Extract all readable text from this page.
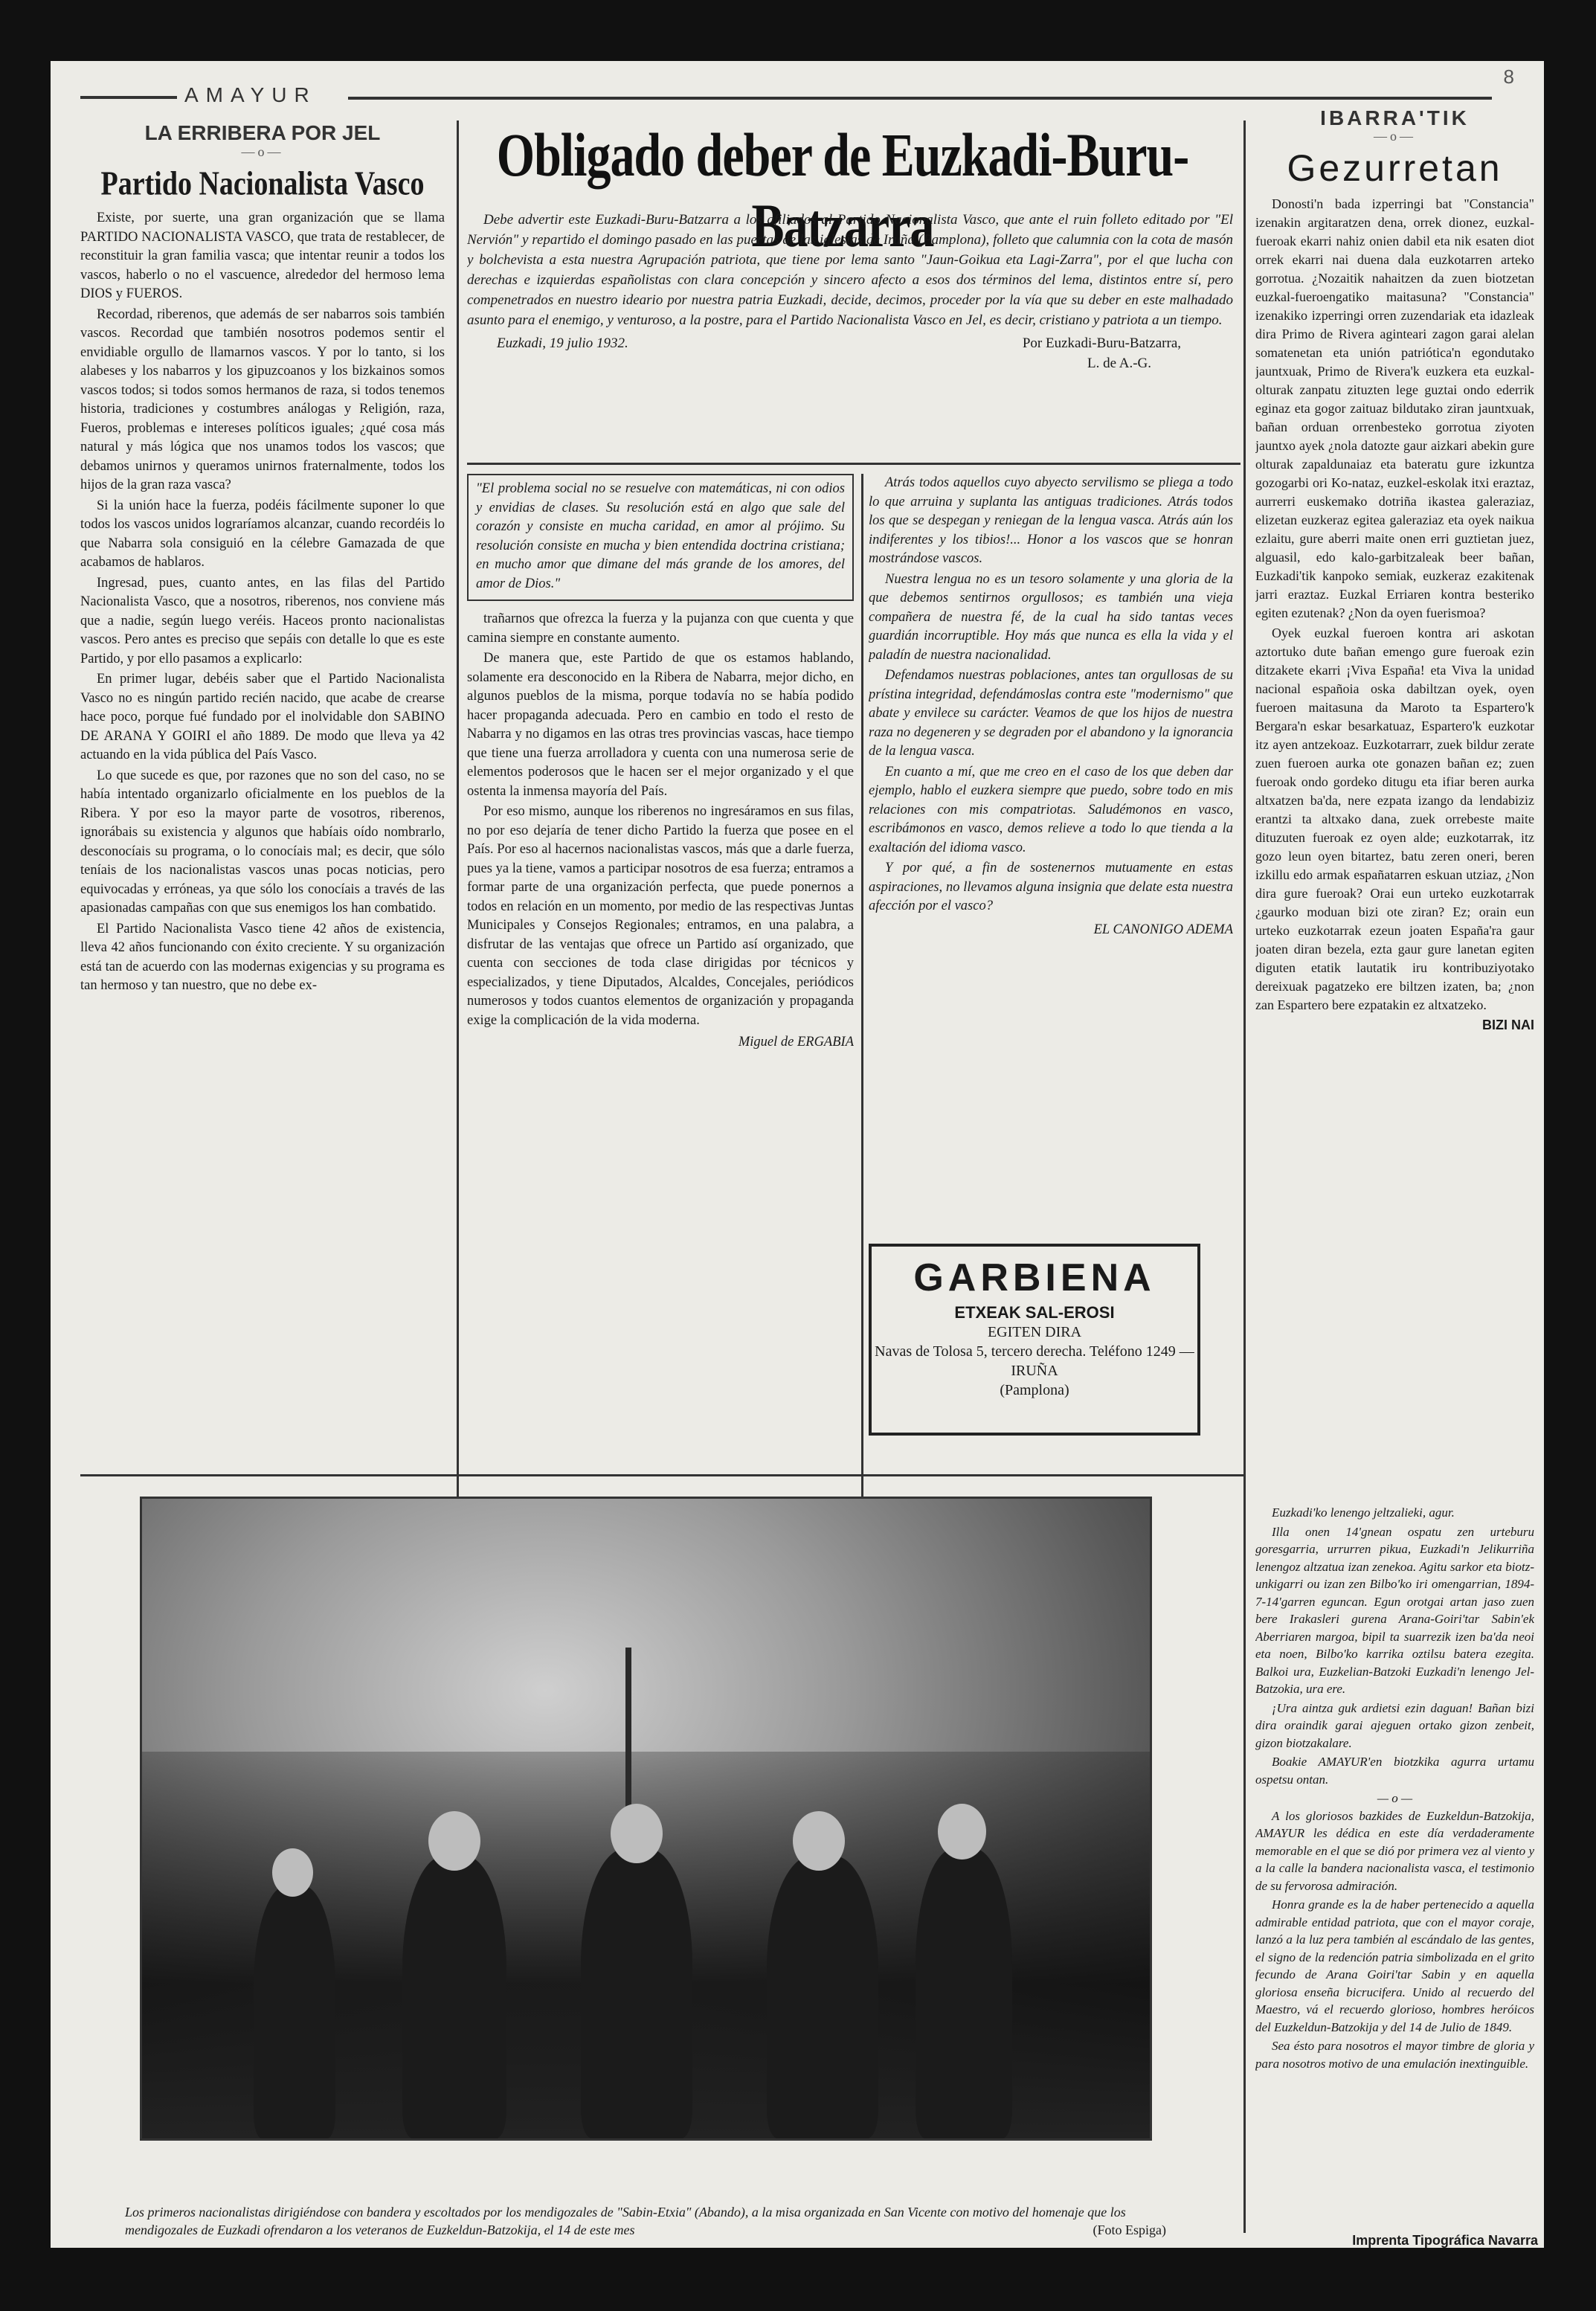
AMAYUR
8
LA ERRIBERA POR JEL
—o—
Partido Nacionalista Vasco

Existe, por suerte, una gran organización que se llama PARTIDO NACIONALISTA VASCO, que trata de restablecer, de reconstituir la gran familia vasca; que intentar reunir a todos los vascos, haberlo o no el vascuence, alrededor del hermoso lema DIOS y FUEROS.

Recordad, riberenos, que además de ser nabarros sois también vascos. Recordad que también nosotros podemos sentir el envidiable orgullo de llamarnos vascos. Y por lo tanto, si los alabeses y los nabarros y los gipuzcoanos y los bizkainos somos vascos todos; si todos somos hermanos de raza, si todos tenemos historia, tradiciones y costumbres análogas y Religión, raza, Fueros, problemas e intereses políticos iguales; ¿qué cosa más natural y más lógica que nos unamos todos los vascos; que debamos unirnos y queramos unirnos fraternalmente, todos los hijos de la gran raza vasca?

Si la unión hace la fuerza, podéis fácilmente suponer lo que todos los vascos unidos lograríamos alcanzar, cuando recordéis lo que Nabarra sola consiguió en la célebre Gamazada de que acabamos de hablaros.

Ingresad, pues, cuanto antes, en las filas del Partido Nacionalista Vasco, que a nosotros, riberenos, nos conviene más que a nadie, según luego veréis. Haceos pronto nacionalistas vascos. Pero antes es preciso que sepáis con detalle lo que es este Partido, y por ello pasamos a explicarlo:

En primer lugar, debéis saber que el Partido Nacionalista Vasco no es ningún partido recién nacido, que acabe de crearse hace poco, porque fué fundado por el inolvidable don SABINO DE ARANA Y GOIRI el año 1889. De modo que lleva ya 42 actuando en la vida pública del País Vasco.

Lo que sucede es que, por razones que no son del caso, no se había intentado organizarlo oficialmente en los pueblos de la Ribera. Y por eso la mayor parte de vosotros, riberenos, ignorábais su existencia y algunos que habíais oído nombrarlo, desconocíais su programa, o lo conocíais mal; es decir, que sólo teníais de los nacionalistas vascos unas pocas noticias, pero equivocadas y erróneas, ya que sólo los conocíais a través de las apasionadas campañas con que sus enemigos los han combatido.

El Partido Nacionalista Vasco tiene 42 años de existencia, lleva 42 años funcionando con éxito creciente. Y su organización está tan de acuerdo con las modernas exigencias y su programa es tan hermoso y tan nuestro, que no debe ex-

Obligado deber de Euzkadi-Buru-Batzarra

Debe advertir este Euzkadi-Buru-Batzarra a los afiliados al Partido Nacionalista Vasco, que ante el ruin folleto editado por "El Nervión" y repartido el domingo pasado en las puertas de las iglesias de Iruña (Pamplona), folleto que calumnia con la cota de masón y bolchevista a esta nuestra Agrupación patriota, que tiene por lema santo "Jaun-Goikua eta Lagi-Zarra", por el que lucha con derechas e izquierdas españolistas con clara concepción y sincero afecto a esos dos términos del lema, distintos entre sí, pero compenetrados en nuestro ideario por nuestra patria Euzkadi, decide, decimos, proceder por la vía que su deber en este malhadado asunto para el enemigo, y venturoso, a la postre, para el Partido Nacionalista Vasco en Jel, es decir, cristiano y patriota a un tiempo.

Euzkadi, 19 julio 1932.	Por Euzkadi-Buru-Batzarra,
L. de A.-G.

"El problema social no se resuelve con matemáticas, ni con odios y envidias de clases. Su resolución está en algo que sale del corazón y consiste en mucha caridad, en amor al prójimo. Su resolución consiste en mucha y bien entendida doctrina cristiana; en mucho amor que dimane del más grande de los amores, del amor de Dios."

trañarnos que ofrezca la fuerza y la pujanza con que cuenta y que camina siempre en constante aumento.

De manera que, este Partido de que os estamos hablando, solamente era desconocido en la Ribera de Nabarra, mejor dicho, en algunos pueblos de la misma, porque todavía no se había podido hacer propaganda adecuada. Pero en cambio en todo el resto de Nabarra y no digamos en las otras tres provincias vascas, hace tiempo que tiene una fuerza arrolladora y cuenta con una numerosa serie de elementos poderosos que le hacen ser el mejor organizado y el que ostenta la inmensa mayoría del País.

Por eso mismo, aunque los riberenos no ingresáramos en sus filas, no por eso dejaría de tener dicho Partido la fuerza que posee en el País. Por eso al hacernos nacionalistas vascos, más que a darle fuerza, pues ya la tiene, vamos a participar nosotros de esa fuerza; entramos a formar parte de una organización perfecta, que puede ponernos a todos en relación en un momento, por medio de las respectivas Juntas Municipales y Consejos Regionales; entramos, en una palabra, a disfrutar de las ventajas que ofrece un Partido así organizado, que cuenta con secciones de toda clase dirigidas por técnicos y especializados, y tiene Diputados, Alcaldes, Concejales, periódicos numerosos y todos cuantos elementos de organización y propaganda exige la complicación de la vida moderna.

Miguel de ERGABIA

Atrás todos aquellos cuyo abyecto servilismo se pliega a todo lo que arruina y suplanta las antiguas tradiciones. Atrás todos los que se despegan y reniegan de la lengua vasca. Atrás aún los indiferentes y los tibios!... Honor a los vascos que se honran mostrándose vascos.

Nuestra lengua no es un tesoro solamente y una gloria de la que debemos sentirnos orgullosos; es también una vieja compañera de nuestra fé, de la cual ha sido tantas veces guardián incorruptible. Hoy más que nunca es ella la vida y el paladín de nuestra nacionalidad.

Defendamos nuestras poblaciones, antes tan orgullosas de su prístina integridad, defendámoslas contra este "modernismo" que abate y envilece su carácter. Veamos de que los hijos de nuestra raza no degeneren y se degraden por el abandono y la ignorancia de la lengua vasca.

En cuanto a mí, que me creo en el caso de los que deben dar ejemplo, hablo el euzkera siempre que puedo, sobre todo en mis relaciones con mis compatriotas. Saludémonos en vasco, escribámonos en vasco, demos relieve a todo lo que tienda a la exaltación del idioma vasco.

Y por qué, a fin de sostenernos mutuamente en estas aspiraciones, no llevamos alguna insignia que delate esta nuestra afección por el vasco?

EL CANONIGO ADEMA
GARBIENA
ETXEAK SAL-EROSI
EGITEN DIRA
Navas de Tolosa 5, tercero derecha. Teléfono 1249 — IRUÑA
(Pamplona)
IBARRA'TIK
—o—
Gezurretan

Donosti'n bada izperringi bat "Constancia" izenakin argitaratzen dena, orrek dionez, euzkal-fueroak ekarri nahiz onien dabil eta nik esaten diot orrek ekarri nai duena dala euzkotarren arteko gorrotua. ¿Nozaitik nahaitzen da zuen biotzetan euzkal-fueroengatiko maitasuna? "Constancia" izenakiko izperringi orren zuzendariak eta idazleak dira Primo de Rivera aginteari zagon garai alelan somatenetan eta unión patriótica'n egondutako jauntxuak, Primo de Rivera'k euzkera eta euzkal-olturak zanpatu zituzten lege guztai ondo ederrik eginaz eta gogor zaituaz bildutako ziran jauntxuak, bañan orduan orrenbesteko gorrotua ziyoten jauntxo ayek ¿nola datozte gaur aizkari abekin gure olturak zapaldunaiaz eta bateratu gure izkuntza gozogarbi ori Ko-nataz, euzkel-eskolak itxi eraztaz, aurrerri euskemako dotriña ikastea galeraziaz, elizetan euzkeraz egitea galeraziaz eta oyek naikua ezlaitu, gure aberri maite onen erri guztietan juez, alguasil, edo kalo-garbitzaleak beer bañan, Euzkadi'tik kanpoko semiak, euzkeraz ezakitenak jarri eraztaz. Euzkal Erriaren kontra besteriko egiten ezutenak? ¿Non da oyen fuerismoa?

Oyek euzkal fueroen kontra ari askotan aztortuko dute bañan emengo gure fueroak ezin ditzakete ekarri ¡Viva España! eta Viva la unidad nacional españoia oska dabiltzan oyek, oyen fueroen maitasuna da Maroto ta Espartero'k Bergara'n eskar besarkatuaz, Espartero'k euzkotar itz ayen antzekoaz. Euzkotarrarr, zuek bildur zerate zuen fueroen aurka ote gonazen bañan ez; zuen fueroak ondo gordeko ditugu eta ifiar beren aurka altxatzen ba'da, nere ezpata izango da lendabiziz erantzi ta altxako dana, zuek orrebeste maite dituzuten fueroak ez oyen alde; euzkotarrak, itz gozo leun oyen bitartez, batu zeren oneri, beren izkillu edo armak españatarren eskuan utziaz, ¿Non dira gure fueroak? Orai eun urteko euzkotarrak ¿gaurko moduan bizi ote ziran? Ez; orain eun urteko euzkotarrak ezeun joaten España'ra gaur joaten diran bezela, ezta gaur gure lanetan egiten diguten etatik lautatik iru kontribuziyotako dereixuak pagatzeko ere biltzen izaten, ba; ¿non zan Espartero bere ezpatakin ez altxatzeko.

BIZI NAI

Euzkadi'ko lenengo jeltzalieki, agur.

Illa onen 14'gnean ospatu zen urteburu goresgarria, urrurren pikua, Euzkadi'n Jelikurriña lenengoz altzatua izan zenekoa. Agitu sarkor eta biotz-unkigarri ou izan zen Bilbo'ko iri omengarrian, 1894-7-14'garren eguncan. Egun orotgai artan jaso zuen bere Irakasleri gurena Arana-Goiri'tar Sabin'ek Aberriaren margoa, bipil ta suarrezik izen ba'da neoi eta noen, Bilbo'ko karrika oztilsu batera ezegita. Balkoi ura, Euzkelian-Batzoki Euzkadi'n lenengo Jel-Batzokia, ura ere.

¡Ura aintza guk ardietsi ezin daguan! Bañan bizi dira oraindik garai ajeguen ortako gizon zenbeit, gizon biotzakalare.

Boakie AMAYUR'en biotzkika agurra urtamu ospetsu ontan.

— o —

A los gloriosos bazkides de Euzkeldun-Batzokija, AMAYUR les dédica en este día verdaderamente memorable en el que se dió por primera vez al viento y a la calle la bandera nacionalista vasca, el testimonio de su fervorosa admiración.

Honra grande es la de haber pertenecido a aquella admirable entidad patriota, que con el mayor coraje, lanzó a la luz pera también al escándalo de las gentes, el signo de la redención patria simbolizada en el grito fecundo de Arana Goiri'tar Sabin y en aquella gloriosa enseña bicrucifera. Unido al recuerdo del Maestro, vá el recuerdo glorioso, hombres heróicos del Euzkeldun-Batzokija y del 14 de Julio de 1849.

Sea ésto para nosotros el mayor timbre de gloria y para nosotros motivo de una emulación inextinguible.

Los primeros nacionalistas dirigiéndose con bandera y escoltados por los mendigozales de "Sabin-Etxia" (Abando), a la misa organizada en San Vicente con motivo del homenaje que los mendigozales de Euzkadi ofrendaron a los veteranos de Euzkeldun-Batzokija, el 14 de este mes	(Foto Espiga)
Imprenta Tipográfica Navarra
